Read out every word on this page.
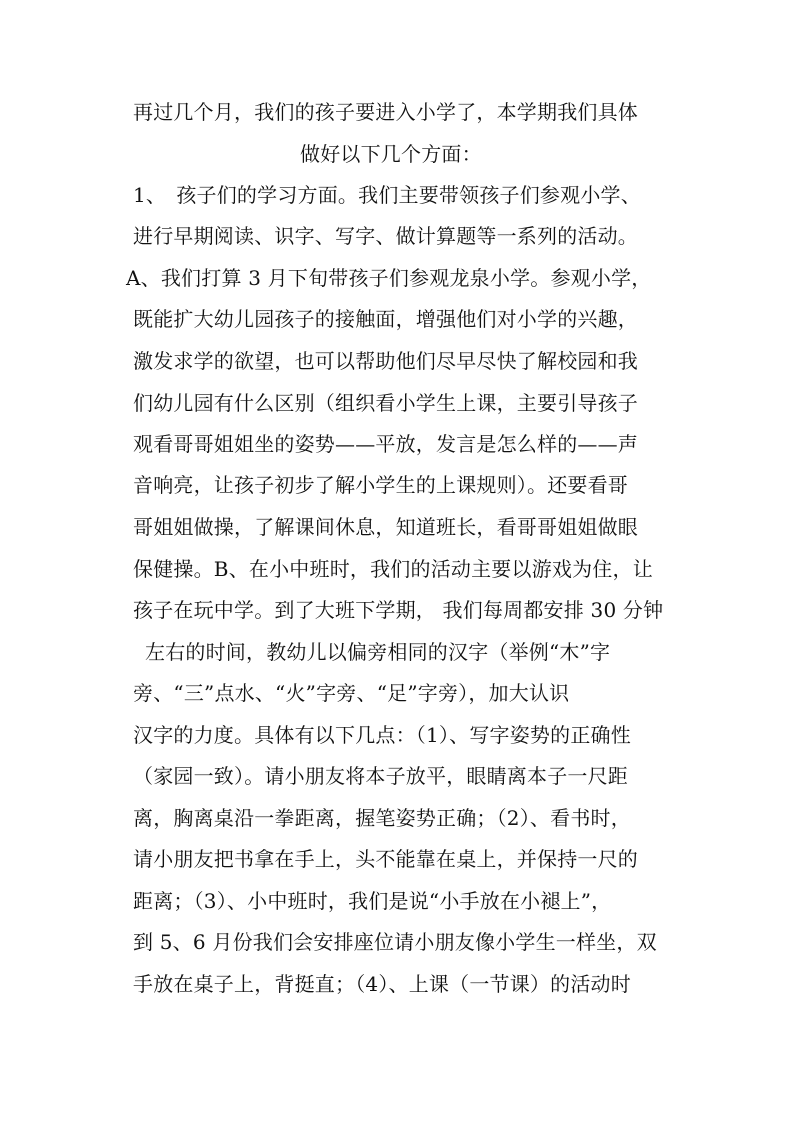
再过几个月，我们的孩子要进入小学了，本学期我们具体
做好以下几个方面：
1、　孩子们的学习方面。我们主要带领孩子们参观小学、
进行早期阅读、识字、写字、做计算题等一系列的活动。
A、我们打算 3 月下旬带孩子们参观龙泉小学。参观小学，
既能扩大幼儿园孩子的接触面，增强他们对小学的兴趣，
激发求学的欲望，也可以帮助他们尽早尽快了解校园和我
们幼儿园有什么区别（组织看小学生上课，主要引导孩子
观看哥哥姐姐坐的姿势——平放，发言是怎么样的——声
音响亮，让孩子初步了解小学生的上课规则）。还要看哥
哥姐姐做操，了解课间休息，知道班长，看哥哥姐姐做眼
保健操。B、在小中班时，我们的活动主要以游戏为住，让
孩子在玩中学。到了大班下学期， 我们每周都安排 30 分钟
左右的时间，教幼儿以偏旁相同的汉字（举例“木”字
旁、“三”点水、“火”字旁、“足”字旁），加大认识
汉字的力度。具体有以下几点：（1）、写字姿势的正确性
（家园一致）。请小朋友将本子放平，眼睛离本子一尺距
离，胸离桌沿一拳距离，握笔姿势正确；（2）、看书时，
请小朋友把书拿在手上，头不能靠在桌上，并保持一尺的
距离；（3）、小中班时，我们是说“小手放在小褪上”，
到 5、6 月份我们会安排座位请小朋友像小学生一样坐，双
手放在桌子上，背挺直；（4）、上课（一节课）的活动时
